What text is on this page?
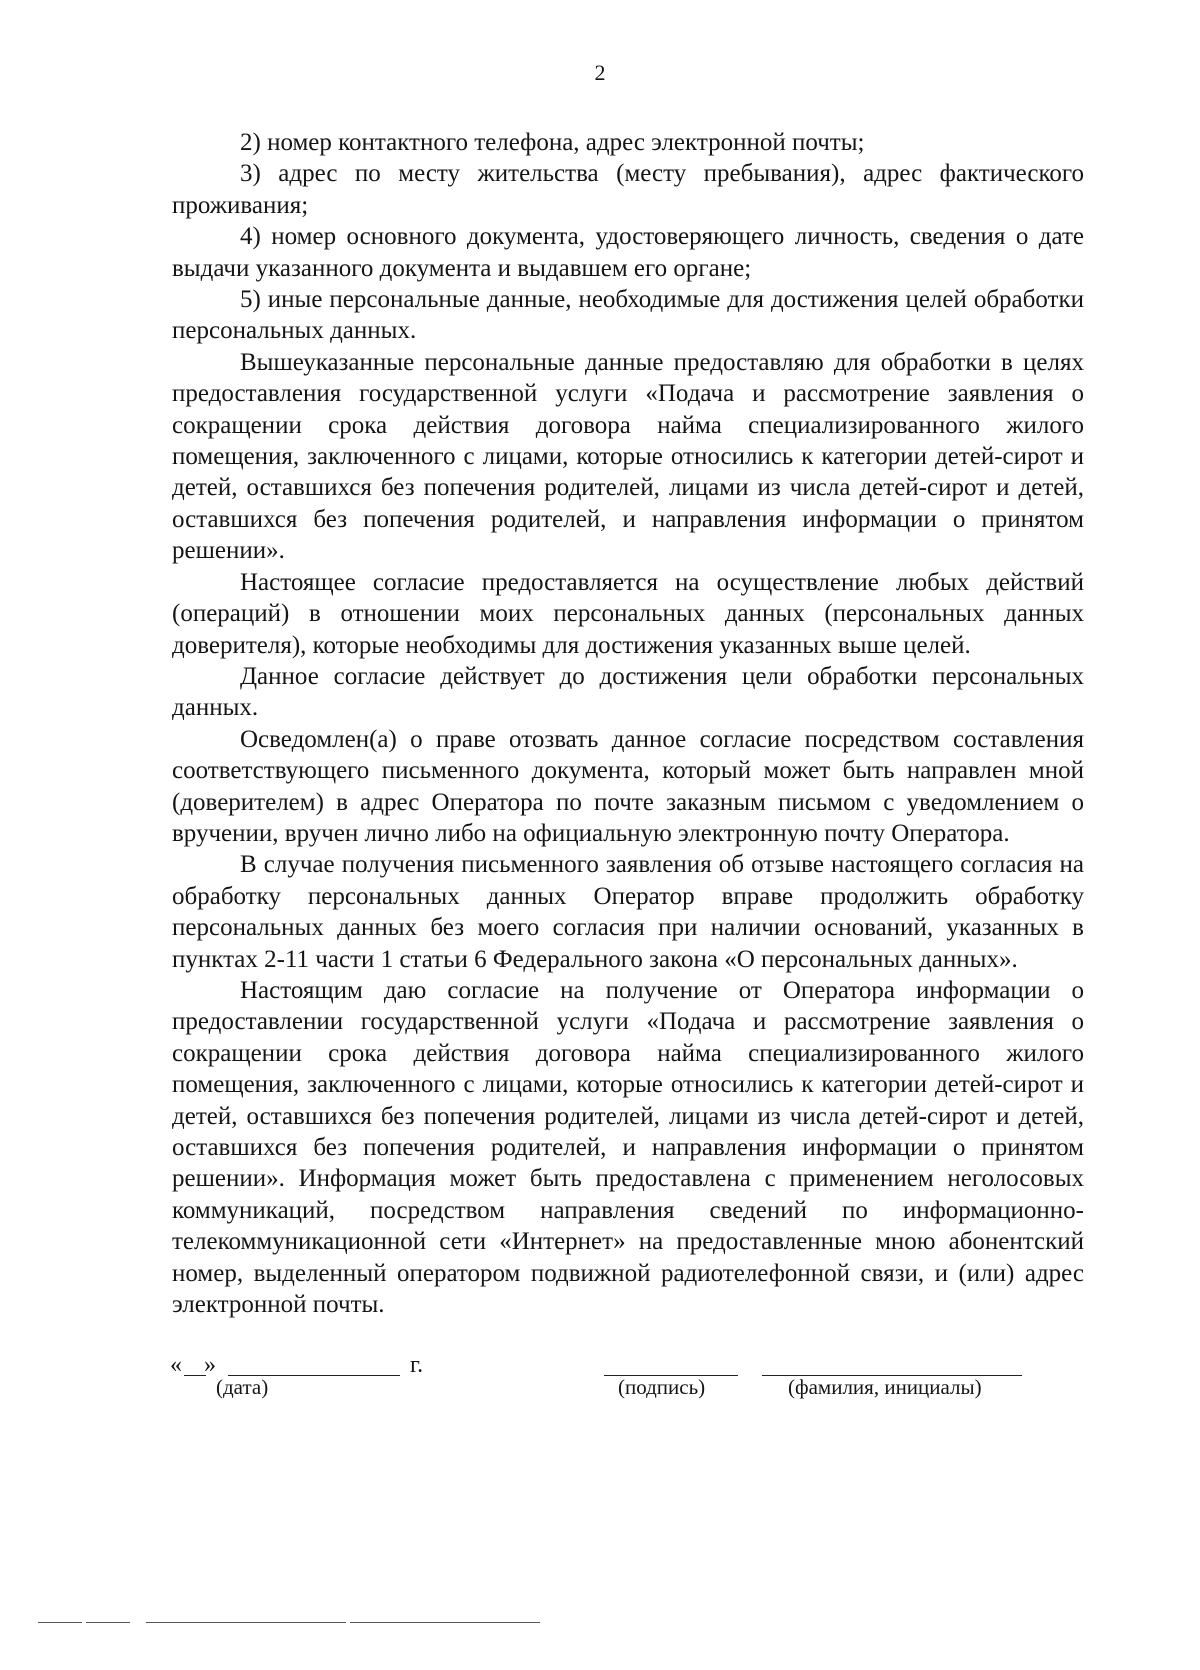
2

2) номер контактного телефона, адрес электронной почты;

3) адрес по месту жительства (месту пребывания), адрес фактического проживания;

4) номер основного документа, удостоверяющего личность, сведения о дате выдачи указанного документа и выдавшем его органе;

5) иные персональные данные, необходимые для достижения целей обработки персональных данных.

Вышеуказанные персональные данные предоставляю для обработки в целях предоставления государственной услуги «Подача и рассмотрение заявления о сокращении срока действия договора найма специализированного жилого помещения, заключенного с лицами, которые относились к категории детей-сирот и детей, оставшихся без попечения родителей, лицами из числа детей-сирот и детей, оставшихся без попечения родителей, и направления информации о принятом решении».

Настоящее согласие предоставляется на осуществление любых действий (операций) в отношении моих персональных данных (персональных данных доверителя), которые необходимы для достижения указанных выше целей.

Данное согласие действует до достижения цели обработки персональных данных.

Осведомлен(а) о праве отозвать данное согласие посредством составления соответствующего письменного документа, который может быть направлен мной (доверителем) в адрес Оператора по почте заказным письмом с уведомлением о вручении, вручен лично либо на официальную электронную почту Оператора.

В случае получения письменного заявления об отзыве настоящего согласия на обработку персональных данных Оператор вправе продолжить обработку персональных данных без моего согласия при наличии оснований, указанных в пунктах 2-11 части 1 статьи 6 Федерального закона «О персональных данных».

Настоящим даю согласие на получение от Оператора информации о предоставлении государственной услуги «Подача и рассмотрение заявления о сокращении срока действия договора найма специализированного жилого помещения, заключенного с лицами, которые относились к категории детей-сирот и детей, оставшихся без попечения родителей, лицами из числа детей-сирот и детей, оставшихся без попечения родителей, и направления информации о принятом решении». Информация может быть предоставлена с применением неголосовых коммуникаций, посредством направления сведений по информационно-телекоммуникационной сети «Интернет» на предоставленные мною абонентский номер, выделенный оператором подвижной радиотелефонной связи, и (или) адрес электронной почты.

« »	г.
(дата)	(подпись)	(фамилия, инициалы)
